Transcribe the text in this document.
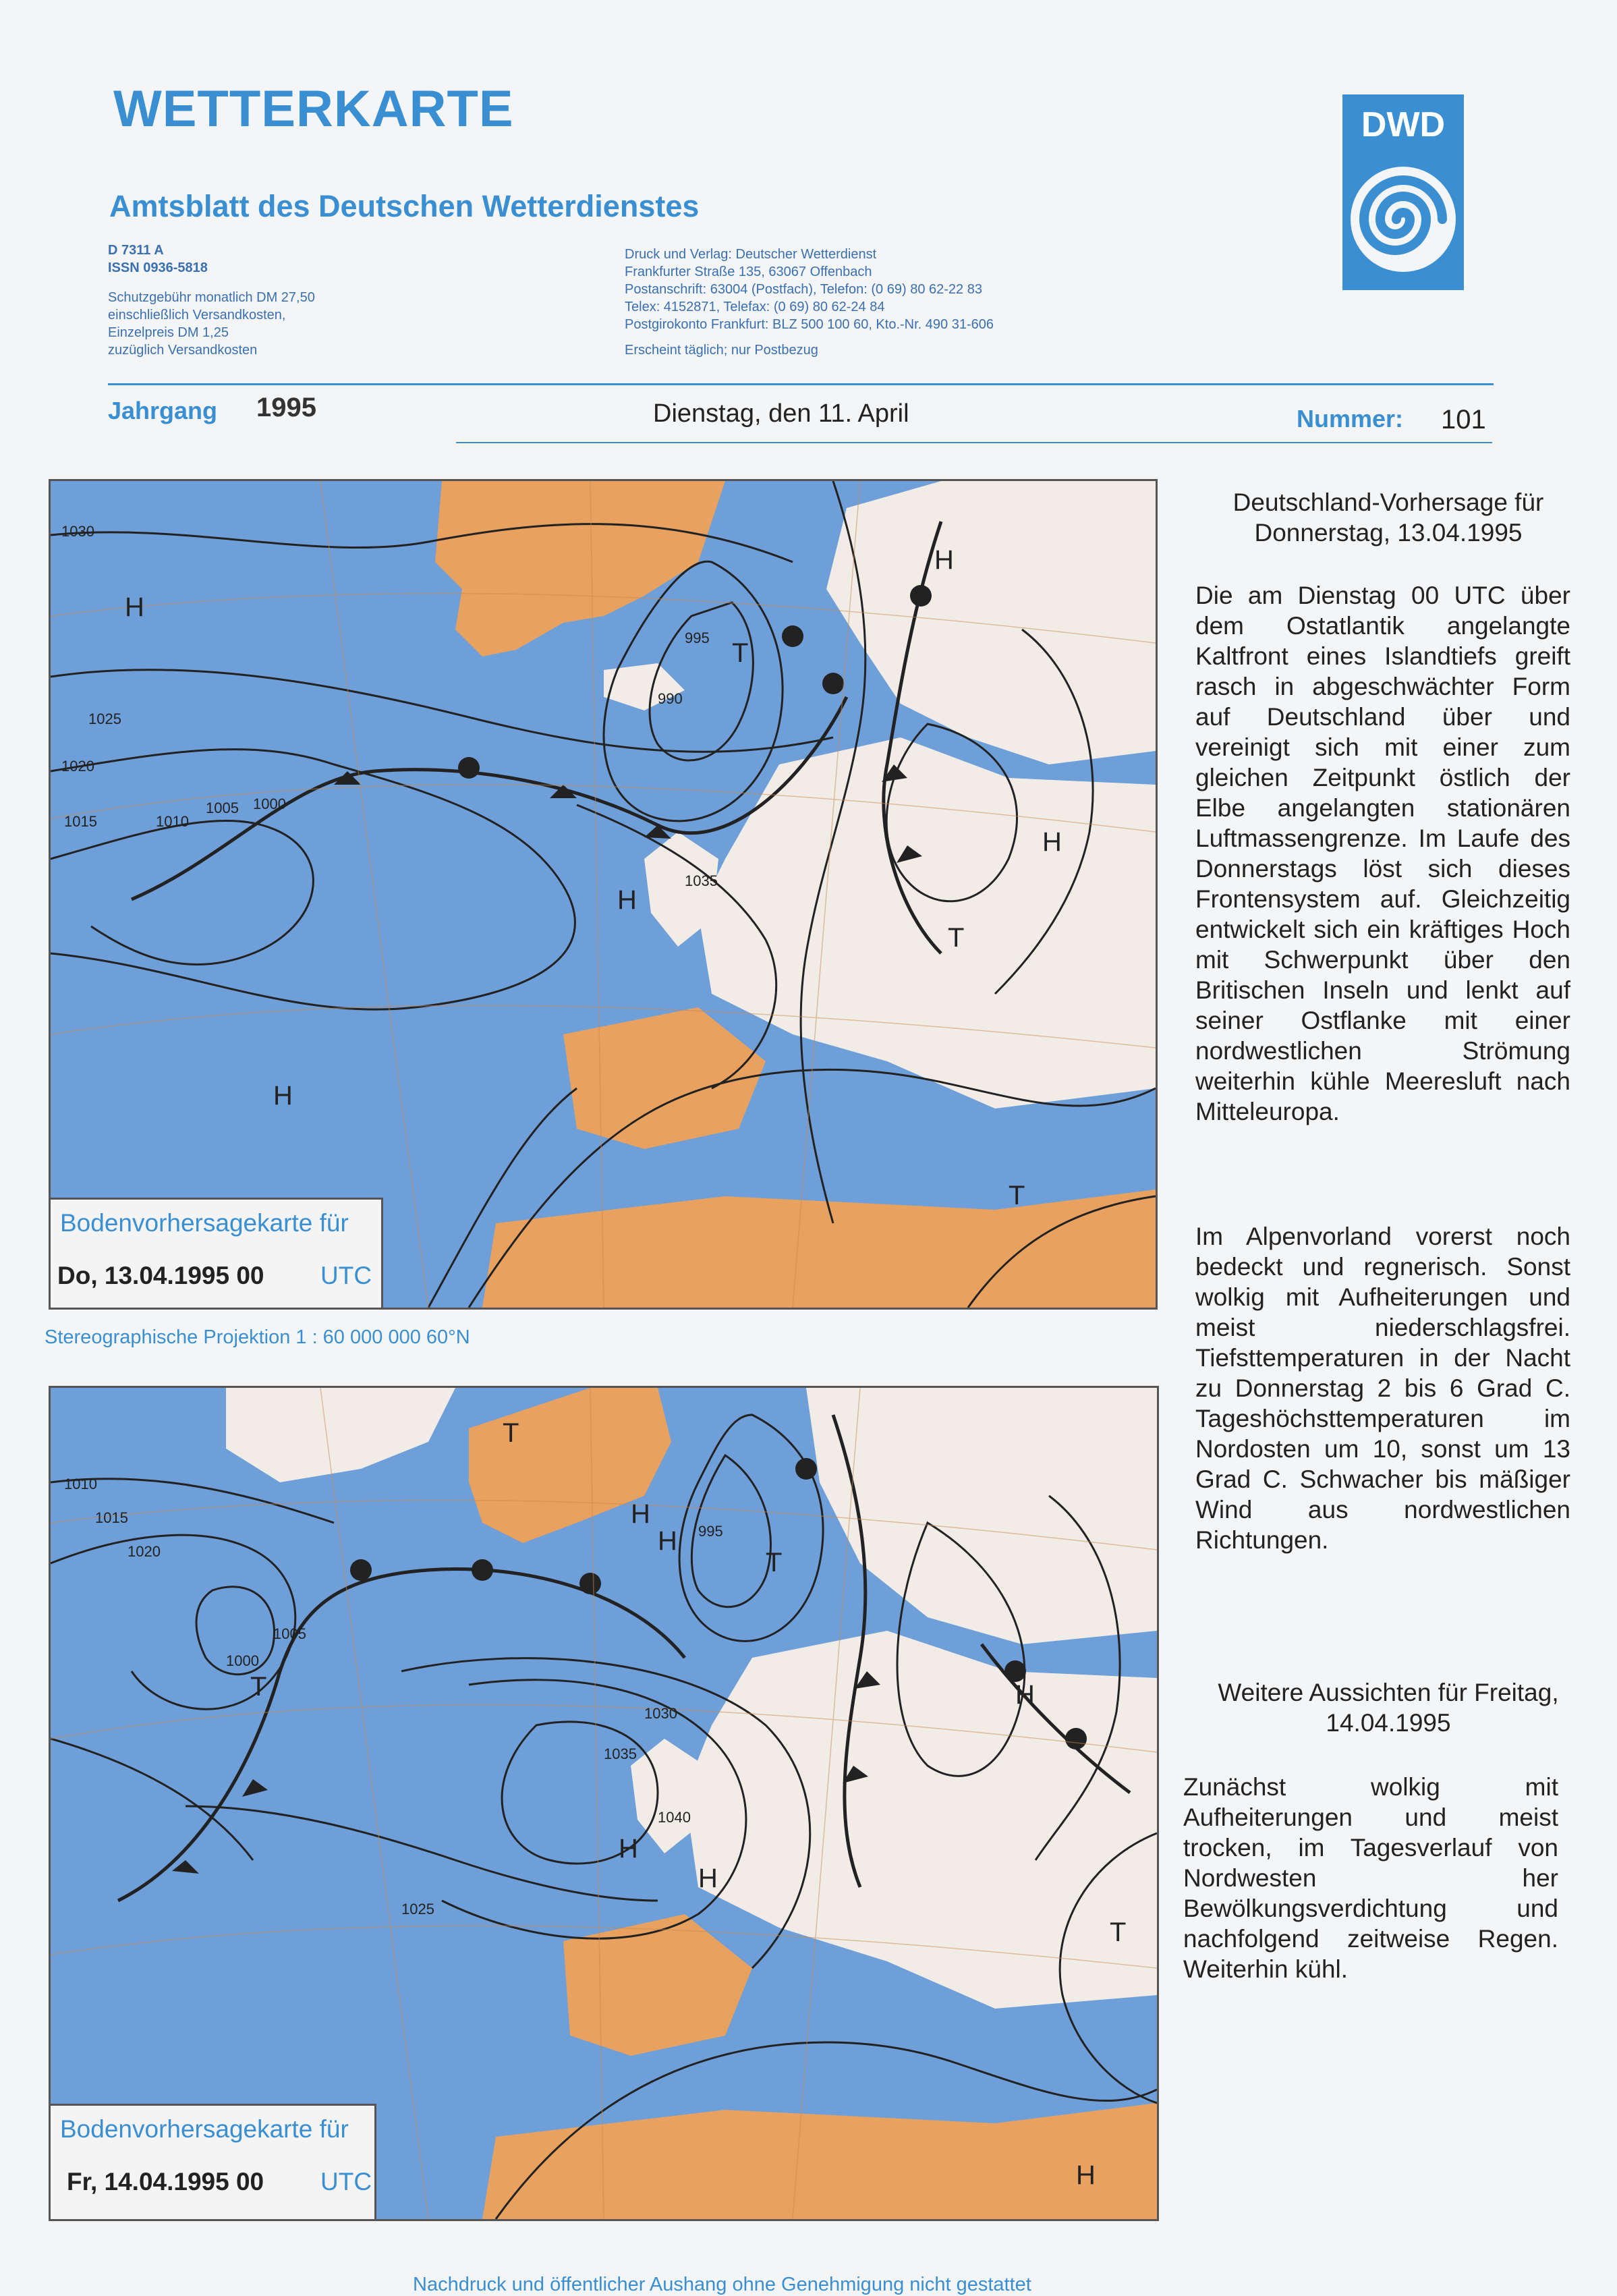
WETTERKARTE
Amtsblatt des Deutschen Wetterdienstes
D 7311 A
ISSN 0936-5818
Schutzgebühr monatlich DM 27,50
einschließlich Versandkosten,
Einzelpreis DM 1,25
zuzüglich Versandkosten
Druck und Verlag: Deutscher Wetterdienst
Frankfurter Straße 135, 63067 Offenbach
Postanschrift: 63004 (Postfach), Telefon: (0 69) 80 62-22 83
Telex: 4152871, Telefax: (0 69) 80 62-24 84
Postgirokonto Frankfurt: BLZ 500 100 60, Kto.-Nr. 490 31-606
Erscheint täglich; nur Postbezug
DWD
Jahrgang 1995	Dienstag, den 11. April	Nummer: 101
1030
1025
1020
1015	1010
1005 1000
995
990
1035
H
T
H
H
H
T
H
T
Bodenvorhersagekarte für
Do, 13.04.1995 00 UTC
Stereographische Projektion 1 : 60 000 000 60°N
1010
1015
1020
1005
1000
995
1030
1035
1040
1025
T
H
H
T
T
H
H
H
T
H
Bodenvorhersagekarte für
Fr, 14.04.1995 00 UTC
Deutschland-Vorhersage für Donnerstag, 13.04.1995
Die am Dienstag 00 UTC über dem Ostatlantik angelangte Kaltfront eines Islandtiefs greift rasch in abgeschwächter Form auf Deutschland über und vereinigt sich mit einer zum gleichen Zeitpunkt östlich der Elbe angelangten stationären Luftmassengrenze. Im Laufe des Donnerstags löst sich dieses Frontensystem auf. Gleichzeitig entwickelt sich ein kräftiges Hoch mit Schwerpunkt über den Britischen Inseln und lenkt auf seiner Ostflanke mit einer nordwestlichen Strömung weiterhin kühle Meeresluft nach Mitteleuropa.
Im Alpenvorland vorerst noch bedeckt und regnerisch. Sonst wolkig mit Aufheiterungen und meist niederschlagsfrei. Tiefsttemperaturen in der Nacht zu Donnerstag 2 bis 6 Grad C. Tageshöchsttemperaturen im Nordosten um 10, sonst um 13 Grad C. Schwacher bis mäßiger Wind aus nordwestlichen Richtungen.
Weitere Aussichten für Freitag, 14.04.1995
Zunächst wolkig mit Aufheiterungen und meist trocken, im Tagesverlauf von Nordwesten her Bewölkungsverdichtung und nachfolgend zeitweise Regen. Weiterhin kühl.
Nachdruck und öffentlicher Aushang ohne Genehmigung nicht gestattet
